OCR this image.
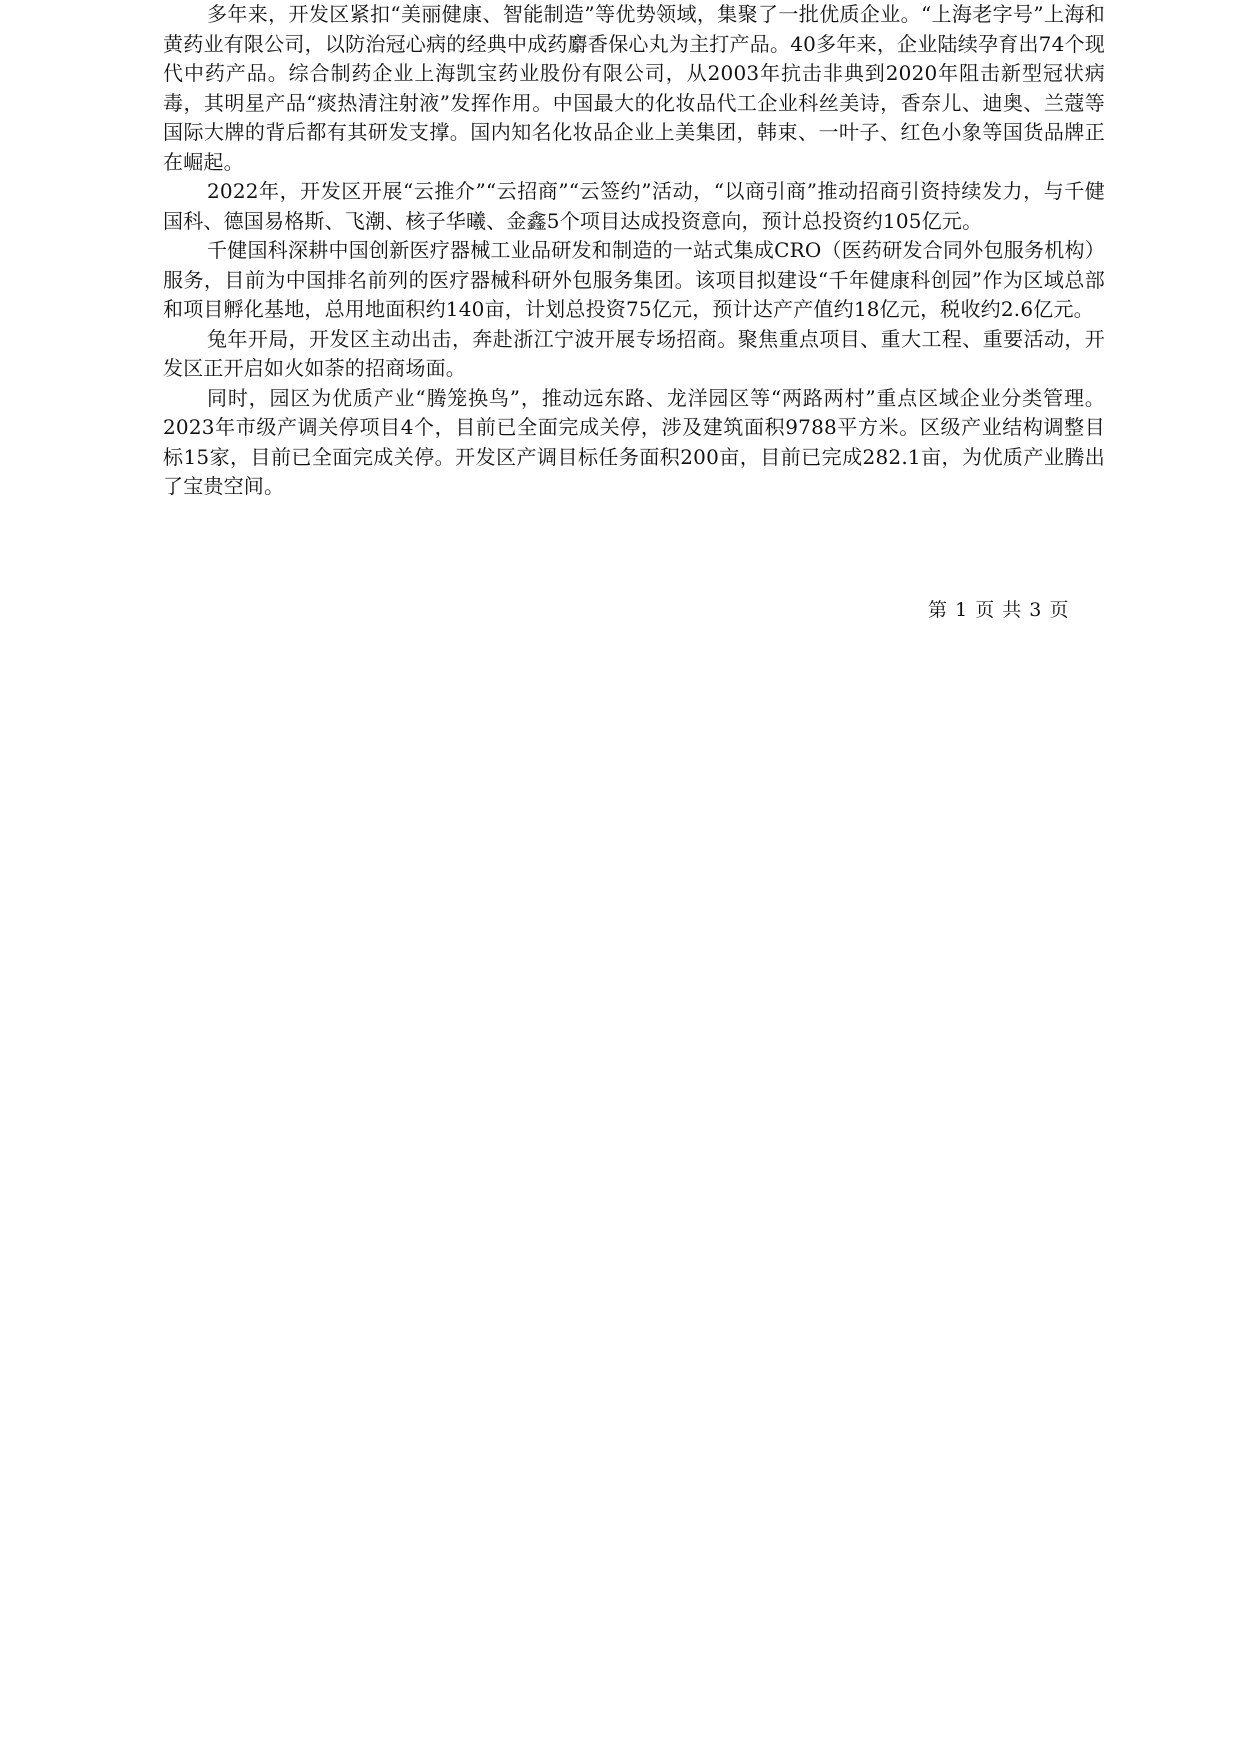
多年来，开发区紧扣“美丽健康、智能制造”等优势领域，集聚了一批优质企业。“上海老字号”上海和黄药业有限公司，以防治冠心病的经典中成药麝香保心丸为主打产品。40多年来，企业陆续孕育出74个现代中药产品。综合制药企业上海凯宝药业股份有限公司，从2003年抗击非典到2020年阻击新型冠状病毒，其明星产品“痰热清注射液”发挥作用。中国最大的化妆品代工企业科丝美诗，香奈儿、迪奥、兰蔻等国际大牌的背后都有其研发支撑。国内知名化妆品企业上美集团，韩束、一叶子、红色小象等国货品牌正在崛起。

2022年，开发区开展“云推介”“云招商”“云签约”活动，“以商引商”推动招商引资持续发力，与千健国科、德国易格斯、飞潮、核子华曦、金鑫5个项目达成投资意向，预计总投资约105亿元。

千健国科深耕中国创新医疗器械工业品研发和制造的一站式集成CRO（医药研发合同外包服务机构）服务，目前为中国排名前列的医疗器械科研外包服务集团。该项目拟建设“千年健康科创园”作为区域总部和项目孵化基地，总用地面积约140亩，计划总投资75亿元，预计达产产值约18亿元，税收约2.6亿元。

兔年开局，开发区主动出击，奔赴浙江宁波开展专场招商。聚焦重点项目、重大工程、重要活动，开发区正开启如火如荼的招商场面。

同时，园区为优质产业“腾笼换鸟”，推动远东路、龙洋园区等“两路两村”重点区域企业分类管理。2023年市级产调关停项目4个，目前已全面完成关停，涉及建筑面积9788平方米。区级产业结构调整目标15家，目前已全面完成关停。开发区产调目标任务面积200亩，目前已完成282.1亩，为优质产业腾出了宝贵空间。

第 1 页 共 3 页
